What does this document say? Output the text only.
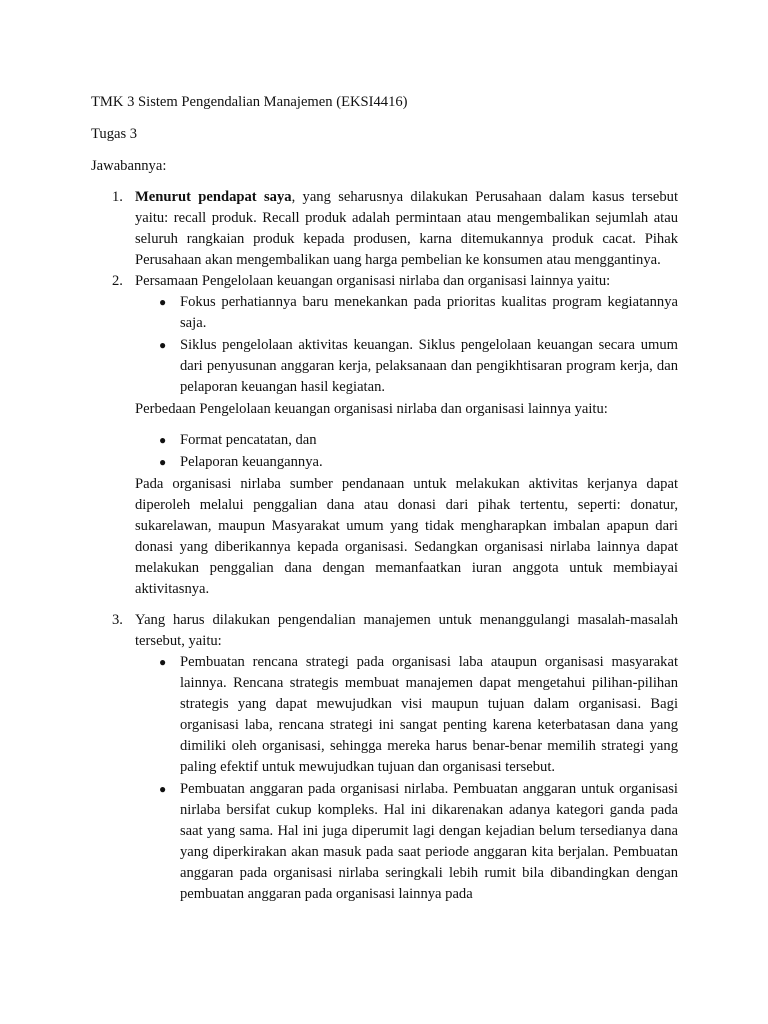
TMK 3 Sistem Pengendalian Manajemen (EKSI4416)

Tugas 3

Jawabannya:

1. Menurut pendapat saya, yang seharusnya dilakukan Perusahaan dalam kasus tersebut yaitu: recall produk. Recall produk adalah permintaan atau mengembalikan sejumlah atau seluruh rangkaian produk kepada produsen, karna ditemukannya produk cacat. Pihak Perusahaan akan mengembalikan uang harga pembelian ke konsumen atau menggantinya.

2. Persamaan Pengelolaan keuangan organisasi nirlaba dan organisasi lainnya yaitu:

● Fokus perhatiannya baru menekankan pada prioritas kualitas program kegiatannya saja.
● Siklus pengelolaan aktivitas keuangan. Siklus pengelolaan keuangan secara umum dari penyusunan anggaran kerja, pelaksanaan dan pengikhtisaran program kerja, dan pelaporan keuangan hasil kegiatan.

Perbedaan Pengelolaan keuangan organisasi nirlaba dan organisasi lainnya yaitu:

● Format pencatatan, dan
● Pelaporan keuangannya.

Pada organisasi nirlaba sumber pendanaan untuk melakukan aktivitas kerjanya dapat diperoleh melalui penggalian dana atau donasi dari pihak tertentu, seperti: donatur, sukarelawan, maupun Masyarakat umum yang tidak mengharapkan imbalan apapun dari donasi yang diberikannya kepada organisasi. Sedangkan organisasi nirlaba lainnya dapat melakukan penggalian dana dengan memanfaatkan iuran anggota untuk membiayai aktivitasnya.

3. Yang harus dilakukan pengendalian manajemen untuk menanggulangi masalah-masalah tersebut, yaitu:

● Pembuatan rencana strategi pada organisasi laba ataupun organisasi masyarakat lainnya. Rencana strategis membuat manajemen dapat mengetahui pilihan-pilihan strategis yang dapat mewujudkan visi maupun tujuan dalam organisasi. Bagi organisasi laba, rencana strategi ini sangat penting karena keterbatasan dana yang dimiliki oleh organisasi, sehingga mereka harus benar-benar memilih strategi yang paling efektif untuk mewujudkan tujuan dan organisasi tersebut.
● Pembuatan anggaran pada organisasi nirlaba. Pembuatan anggaran untuk organisasi nirlaba bersifat cukup kompleks. Hal ini dikarenakan adanya kategori ganda pada saat yang sama. Hal ini juga diperumit lagi dengan kejadian belum tersedianya dana yang diperkirakan akan masuk pada saat periode anggaran kita berjalan. Pembuatan anggaran pada organisasi nirlaba seringkali lebih rumit bila dibandingkan dengan pembuatan anggaran pada organisasi lainnya pada
